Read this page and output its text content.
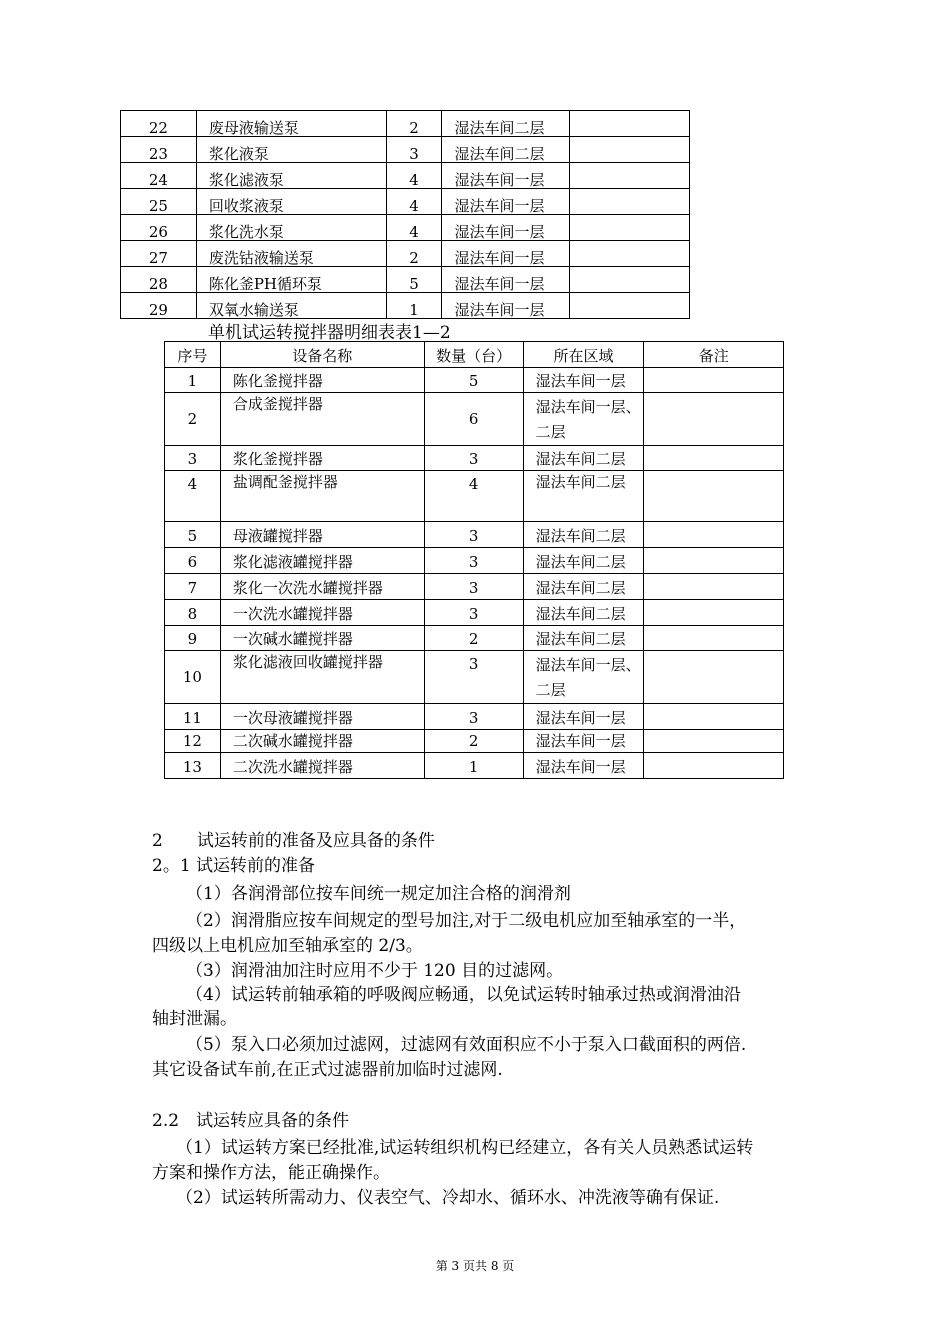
22	废母液输送泵	2	湿法车间二层	
23	浆化液泵	3	湿法车间二层	
24	浆化滤液泵	4	湿法车间一层	
25	回收浆液泵	4	湿法车间一层	
26	浆化洗水泵	4	湿法车间一层	
27	废洗钴液输送泵	2	湿法车间一层	
28	陈化釜PH循环泵	5	湿法车间一层	
29	双氧水输送泵	1	湿法车间一层	
单机试运转搅拌器明细表表1—2
序号	设备名称	数量（台）	所在区域	备注
1	陈化釜搅拌器	5	湿法车间一层	
2	合成釜搅拌器	6	湿法车间一层、二层	
3	浆化釜搅拌器	3	湿法车间二层	
4	盐调配釜搅拌器	4	湿法车间二层	
5	母液罐搅拌器	3	湿法车间二层	
6	浆化滤液罐搅拌器	3	湿法车间二层	
7	浆化一次洗水罐搅拌器	3	湿法车间二层	
8	一次洗水罐搅拌器	3	湿法车间二层	
9	一次碱水罐搅拌器	2	湿法车间二层	
10	浆化滤液回收罐搅拌器	3	湿法车间一层、二层	
11	一次母液罐搅拌器	3	湿法车间一层	
12	二次碱水罐搅拌器	2	湿法车间一层	
13	二次洗水罐搅拌器	1	湿法车间一层	
2　　试运转前的准备及应具备的条件
2。1 试运转前的准备
（1）各润滑部位按车间统一规定加注合格的润滑剂
（2）润滑脂应按车间规定的型号加注,对于二级电机应加至轴承室的一半，
四级以上电机应加至轴承室的 2/3。
（3）润滑油加注时应用不少于 120 目的过滤网。
（4）试运转前轴承箱的呼吸阀应畅通，以免试运转时轴承过热或润滑油沿
轴封泄漏。
（5）泵入口必须加过滤网，过滤网有效面积应不小于泵入口截面积的两倍.
其它设备试车前,在正式过滤器前加临时过滤网.
2.2　试运转应具备的条件
（1）试运转方案已经批准,试运转组织机构已经建立，各有关人员熟悉试运转
方案和操作方法，能正确操作。
（2）试运转所需动力、仪表空气、冷却水、循环水、冲洗液等确有保证.
第 3 页共 8 页
